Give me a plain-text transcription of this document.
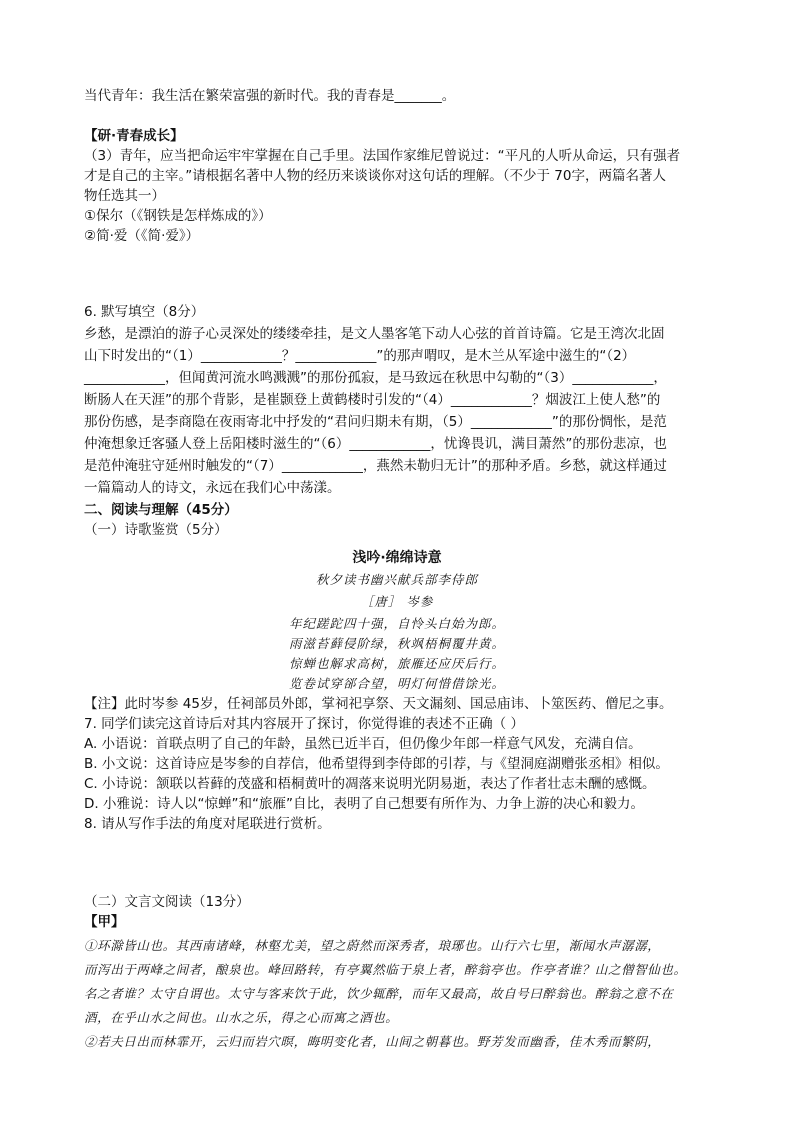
当代青年：我生活在繁荣富强的新时代。我的青春是_______。
【研·青春成长】
（3）青年，应当把命运牢牢掌握在自己手里。法国作家维尼曾说过：“平凡的人听从命运，只有强者
才是自己的主宰。”请根据名著中人物的经历来谈谈你对这句话的理解。（不少于 70字，两篇名著人
物任选其一）
①保尔（《钢铁是怎样炼成的》）
②简·爱（《简·爱》）
6. 默写填空（8分）
乡愁，是漂泊的游子心灵深处的缕缕牵挂，是文人墨客笔下动人心弦的首首诗篇。它是王湾次北固
山下时发出的“（1）____________？____________”的那声喟叹，是木兰从军途中滋生的“（2）
____________，但闻黄河流水鸣溅溅”的那份孤寂，是马致远在秋思中勾勒的“（3）____________，
断肠人在天涯”的那个背影，是崔颢登上黄鹤楼时引发的“（4）____________？烟波江上使人愁”的
那份伤感，是李商隐在夜雨寄北中抒发的“君问归期未有期，（5）____________”的那份惆怅，是范
仲淹想象迁客骚人登上岳阳楼时滋生的“（6）____________，忧谗畏讥，满目萧然”的那份悲凉，也
是范仲淹驻守延州时触发的“（7）____________，燕然未勒归无计”的那种矛盾。乡愁，就这样通过
一篇篇动人的诗文，永远在我们心中荡漾。
二、阅读与理解（45分）
（一）诗歌鉴赏（5分）
浅吟·绵绵诗意
秋夕读书幽兴献兵部李侍郎
［唐］ 岑参
年纪蹉跎四十强，自怜头白始为郎。
雨滋苔藓侵阶绿，秋飒梧桐覆井黄。
惊蝉也解求高树，旅雁还应厌后行。
览卷试穿郤合望，明灯何惜借馀光。
【注】此时岑参 45岁，任祠部员外郎，掌祠祀享祭、天文漏刻、国忌庙讳、卜筮医药、僧尼之事。
7. 同学们读完这首诗后对其内容展开了探讨，你觉得谁的表述不正确（ ）
A. 小语说：首联点明了自己的年龄，虽然已近半百，但仍像少年郎一样意气风发，充满自信。
B. 小文说：这首诗应是岑参的自荐信，他希望得到李侍郎的引荐，与《望洞庭湖赠张丞相》相似。
C. 小诗说：颔联以苔藓的茂盛和梧桐黄叶的凋落来说明光阴易逝，表达了作者壮志未酬的感慨。
D. 小雅说：诗人以“惊蝉”和“旅雁”自比，表明了自己想要有所作为、力争上游的决心和毅力。
8. 请从写作手法的角度对尾联进行赏析。
（二）文言文阅读（13分）
【甲】
①环滁皆山也。其西南诸峰，林壑尤美，望之蔚然而深秀者，琅琊也。山行六七里，渐闻水声潺潺，
而泻出于两峰之间者，酿泉也。峰回路转，有亭翼然临于泉上者，醉翁亭也。作亭者谁？山之僧智仙也。
名之者谁？太守自谓也。太守与客来饮于此，饮少辄醉，而年又最高，故自号曰醉翁也。醉翁之意不在
酒，在乎山水之间也。山水之乐，得之心而寓之酒也。
②若夫日出而林霏开，云归而岩穴暝，晦明变化者，山间之朝暮也。野芳发而幽香，佳木秀而繁阴，
